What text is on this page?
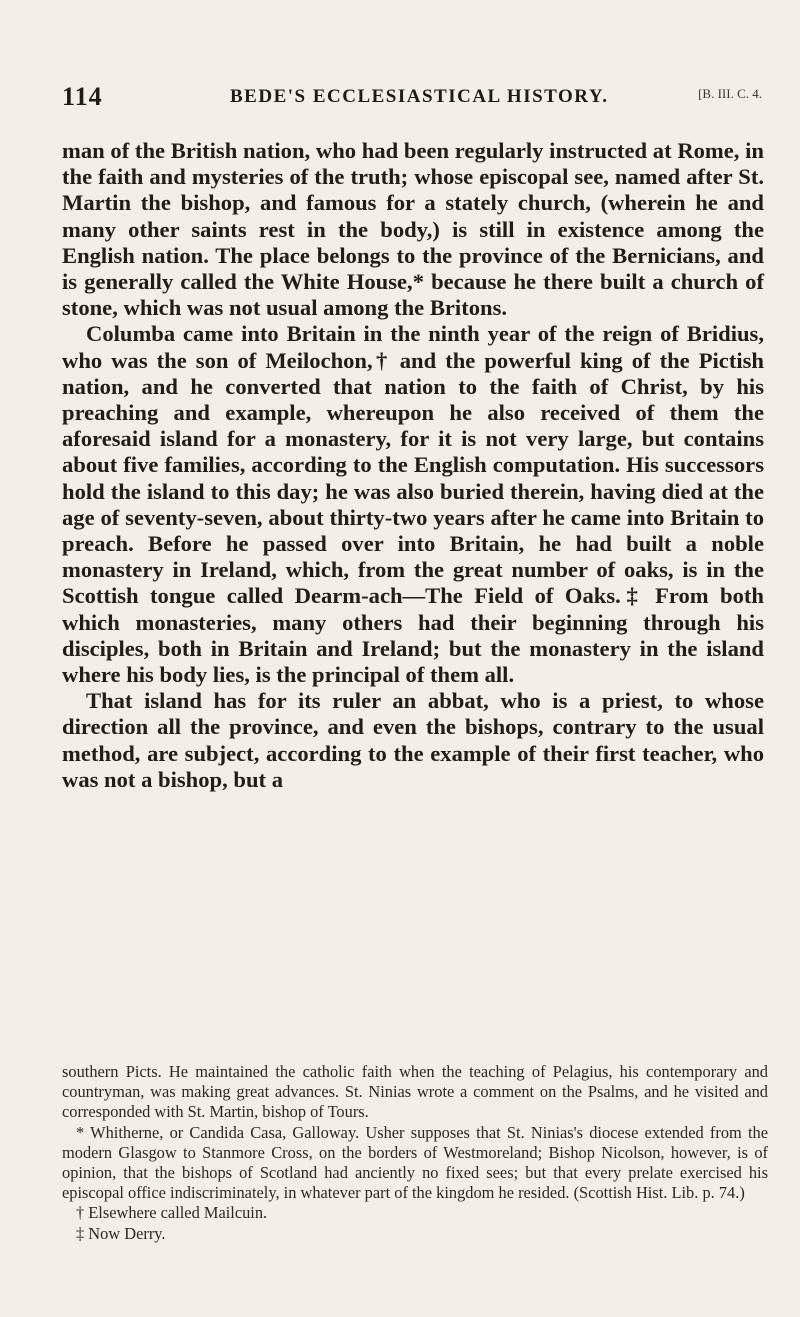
114	BEDE'S ECCLESIASTICAL HISTORY.	[B. III. C. 4.

man of the British nation, who had been regularly instructed at Rome, in the faith and mysteries of the truth; whose episcopal see, named after St. Martin the bishop, and famous for a stately church, (wherein he and many other saints rest in the body,) is still in existence among the English nation. The place belongs to the province of the Bernicians, and is generally called the White House,* because he there built a church of stone, which was not usual among the Britons.

Columba came into Britain in the ninth year of the reign of Bridius, who was the son of Meilochon,† and the powerful king of the Pictish nation, and he converted that nation to the faith of Christ, by his preaching and example, whereupon he also received of them the aforesaid island for a monastery, for it is not very large, but contains about five families, according to the English computation. His successors hold the island to this day; he was also buried therein, having died at the age of seventy-seven, about thirty-two years after he came into Britain to preach. Before he passed over into Britain, he had built a noble monastery in Ireland, which, from the great number of oaks, is in the Scottish tongue called Dearm-ach—The Field of Oaks.‡ From both which monasteries, many others had their beginning through his disciples, both in Britain and Ireland; but the monastery in the island where his body lies, is the principal of them all.

That island has for its ruler an abbat, who is a priest, to whose direction all the province, and even the bishops, contrary to the usual method, are subject, according to the example of their first teacher, who was not a bishop, but a

southern Picts. He maintained the catholic faith when the teaching of Pelagius, his contemporary and countryman, was making great advances. St. Ninias wrote a comment on the Psalms, and he visited and corresponded with St. Martin, bishop of Tours.

* Whitherne, or Candida Casa, Galloway. Usher supposes that St. Ninias's diocese extended from the modern Glasgow to Stanmore Cross, on the borders of Westmoreland; Bishop Nicolson, however, is of opinion, that the bishops of Scotland had anciently no fixed sees; but that every prelate exercised his episcopal office indiscriminately, in whatever part of the kingdom he resided. (Scottish Hist. Lib. p. 74.)

† Elsewhere called Mailcuin.

‡ Now Derry.
